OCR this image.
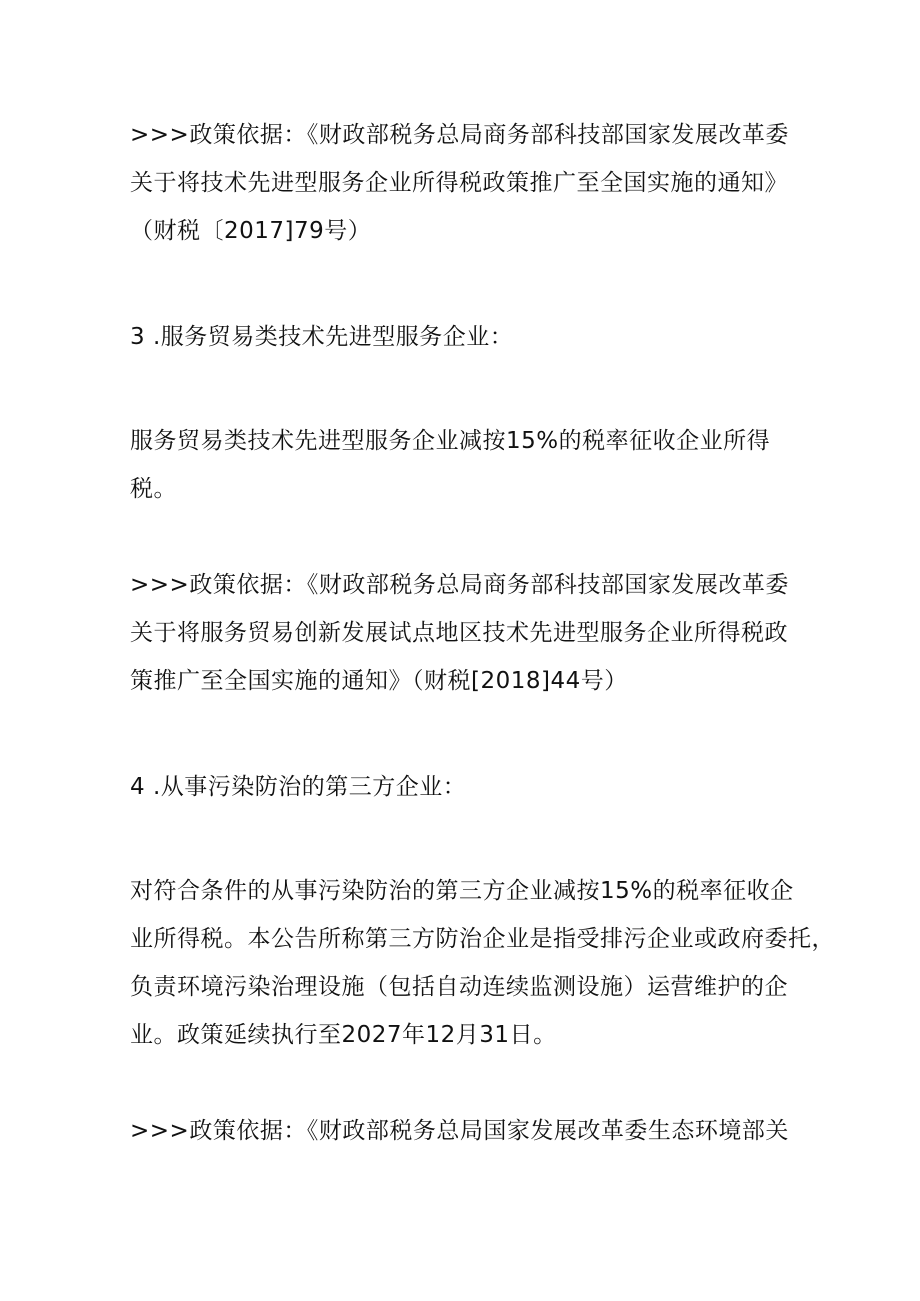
>>>政策依据：《财政部税务总局商务部科技部国家发展改革委
关于将技术先进型服务企业所得税政策推广至全国实施的通知》
（财税〔2017]79号）
3 .服务贸易类技术先进型服务企业：
服务贸易类技术先进型服务企业减按15%的税率征收企业所得
税。
>>>政策依据：《财政部税务总局商务部科技部国家发展改革委
关于将服务贸易创新发展试点地区技术先进型服务企业所得税政
策推广至全国实施的通知》（财税[2018]44号）
4 .从事污染防治的第三方企业：
对符合条件的从事污染防治的第三方企业减按15%的税率征收企
业所得税。本公告所称第三方防治企业是指受排污企业或政府委托，
负责环境污染治理设施（包括自动连续监测设施）运营维护的企
业。政策延续执行至2027年12月31日。
>>>政策依据：《财政部税务总局国家发展改革委生态环境部关
